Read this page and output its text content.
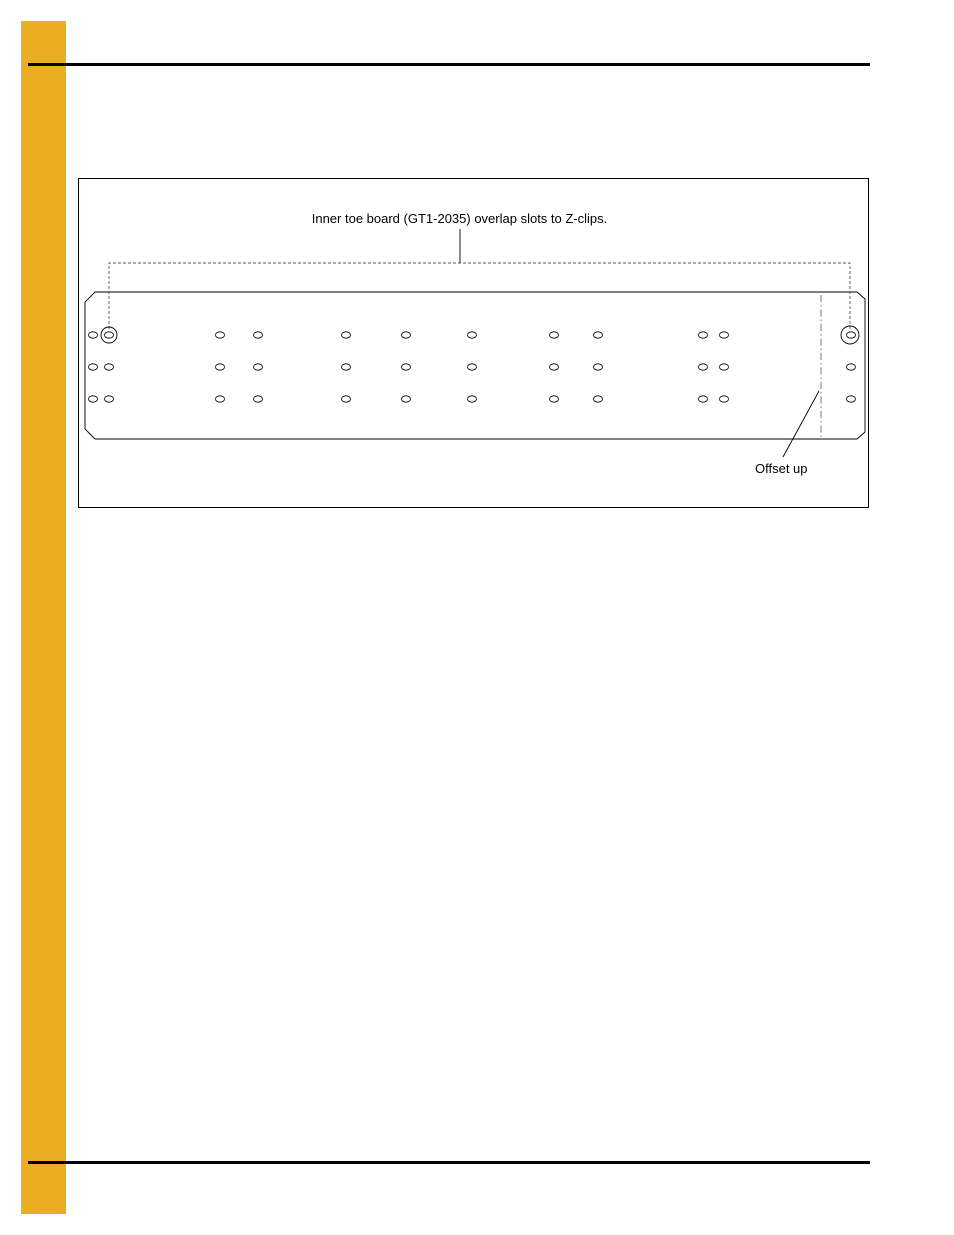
Inner toe board (GT1-2035) overlap slots to Z-clips.
Offset up
